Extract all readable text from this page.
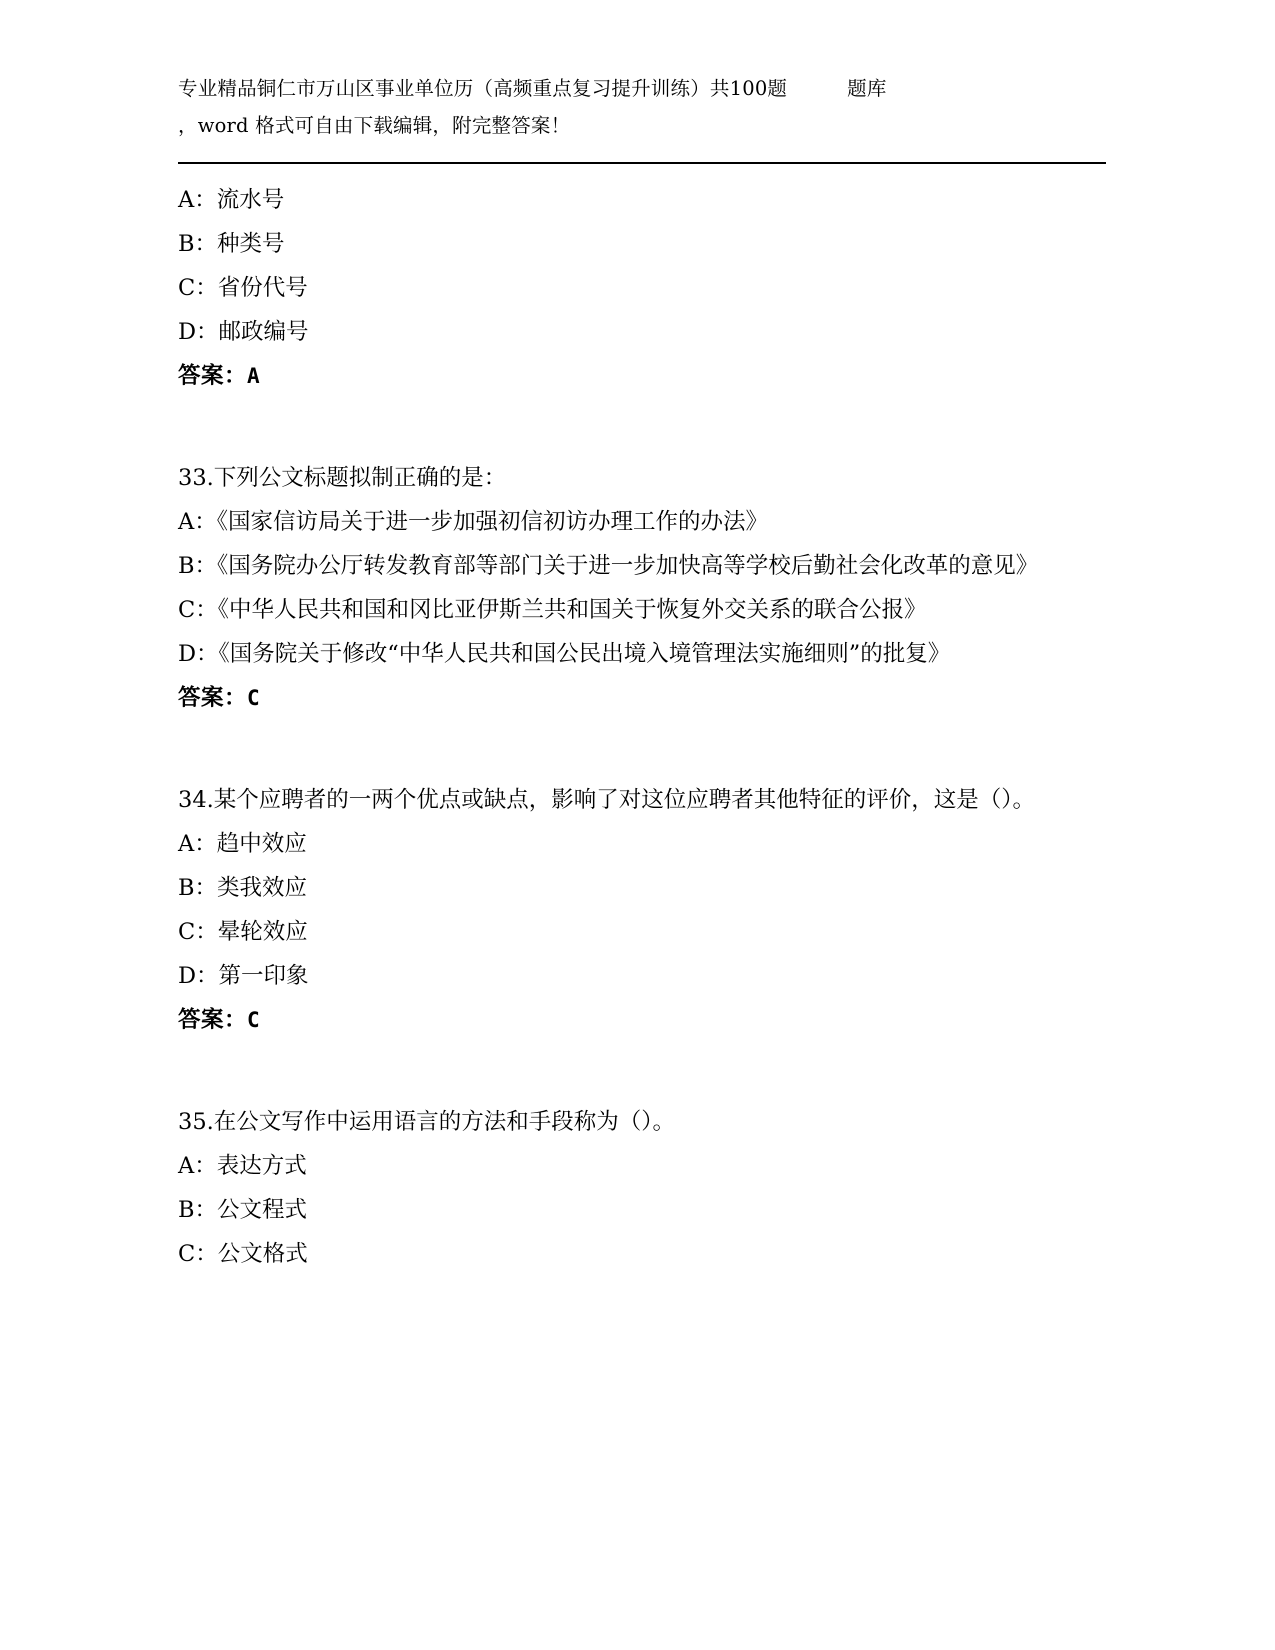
专业精品铜仁市万山区事业单位历（高频重点复习提升训练）共100题	题库
，word 格式可自由下载编辑，附完整答案！
A：流水号
B：种类号
C：省份代号
D：邮政编号
答案：A
33.下列公文标题拟制正确的是：
A：《国家信访局关于进一步加强初信初访办理工作的办法》
B：《国务院办公厅转发教育部等部门关于进一步加快高等学校后勤社会化改革的意见》
C：《中华人民共和国和冈比亚伊斯兰共和国关于恢复外交关系的联合公报》
D：《国务院关于修改“中华人民共和国公民出境入境管理法实施细则”的批复》
答案：C
34.某个应聘者的一两个优点或缺点，影响了对这位应聘者其他特征的评价，这是（）。
A：趋中效应
B：类我效应
C：晕轮效应
D：第一印象
答案：C
35.在公文写作中运用语言的方法和手段称为（）。
A：表达方式
B：公文程式
C：公文格式
